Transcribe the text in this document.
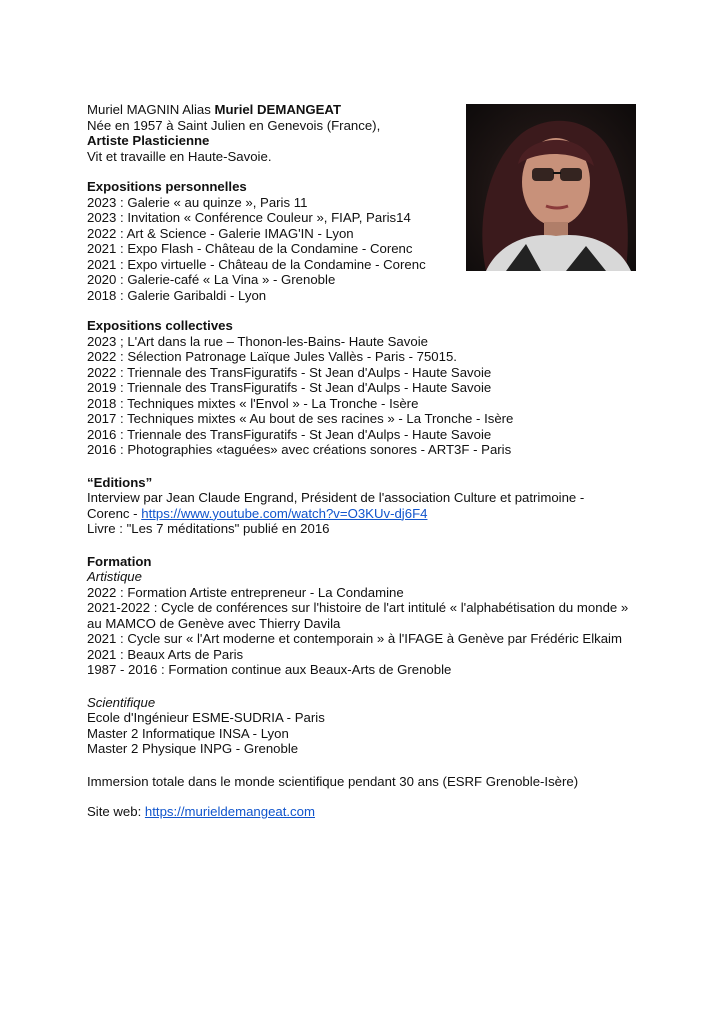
Muriel MAGNIN Alias Muriel DEMANGEAT
Née en 1957 à Saint Julien en Genevois (France),
Artiste Plasticienne
Vit et travaille en Haute-Savoie.
Expositions personnelles
2023 : Galerie « au quinze », Paris 11
2023 : Invitation « Conférence Couleur », FIAP, Paris14
2022 : Art & Science - Galerie IMAG'IN - Lyon
2021 : Expo Flash - Château de la Condamine - Corenc
2021 : Expo virtuelle - Château de la Condamine - Corenc
2020 : Galerie-café « La Vina » - Grenoble
2018 : Galerie Garibaldi - Lyon
Expositions collectives
2023 ; L'Art dans la rue – Thonon-les-Bains- Haute Savoie
2022 : Sélection Patronage Laïque Jules Vallès - Paris - 75015.
2022 : Triennale des TransFiguratifs - St Jean d'Aulps - Haute Savoie
2019 : Triennale des TransFiguratifs - St Jean d'Aulps - Haute Savoie
2018 : Techniques mixtes « l'Envol » - La Tronche - Isère
2017 : Techniques mixtes « Au bout de ses racines » - La Tronche - Isère
2016 : Triennale des TransFiguratifs - St Jean d'Aulps - Haute Savoie
2016 : Photographies «taguées» avec créations sonores - ART3F - Paris
“Editions”
Interview par Jean Claude Engrand, Président de l'association Culture et patrimoine -
Corenc - https://www.youtube.com/watch?v=O3KUv-dj6F4
Livre : "Les 7 méditations" publié en 2016
Formation
Artistique
2022 : Formation Artiste entrepreneur - La Condamine
2021-2022 : Cycle de conférences sur l'histoire de l'art intitulé « l'alphabétisation du monde »
au MAMCO de Genève avec Thierry Davila
2021 : Cycle sur « l'Art moderne et contemporain » à l'IFAGE à Genève par Frédéric Elkaim
2021 : Beaux Arts de Paris
1987 - 2016 : Formation continue aux Beaux-Arts de Grenoble
Scientifique
Ecole d'Ingénieur ESME-SUDRIA - Paris
Master 2 Informatique INSA - Lyon
Master 2 Physique INPG - Grenoble
Immersion totale dans le monde scientifique pendant 30 ans (ESRF Grenoble-Isère)
Site web: https://murieldemangeat.com
